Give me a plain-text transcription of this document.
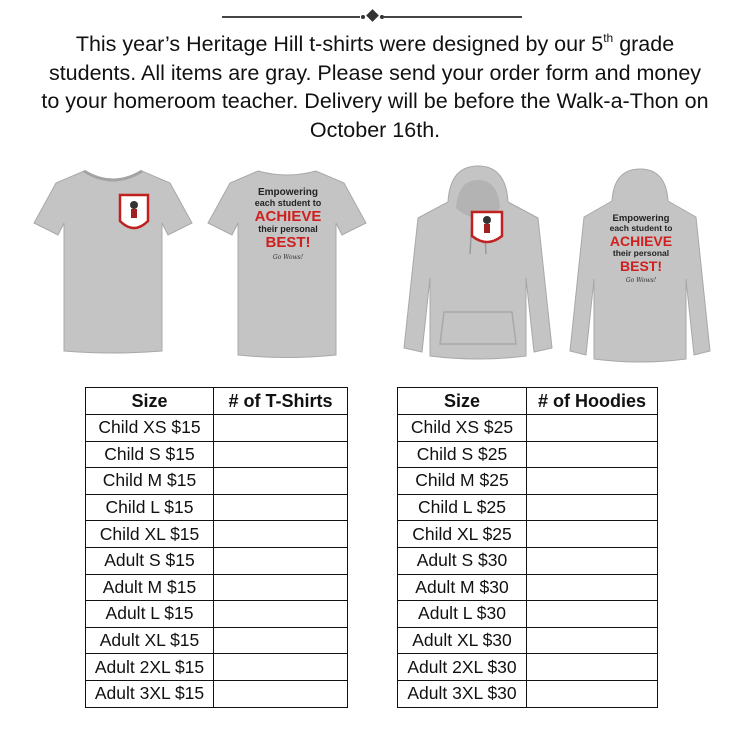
This year’s Heritage Hill t-shirts were designed by our 5th grade students. All items are gray. Please send your order form and money to your homeroom teacher. Delivery will be before the Walk-a-Thon on October 16th.

Empowering
each student to
ACHIEVE
their personal
BEST!
Go Wows!
Empowering
each student to
ACHIEVE
their personal
BEST!
Go Wows!
Size	# of T-Shirts
Child XS $15	
Child S $15	
Child M $15	
Child L $15	
Child XL $15	
Adult S $15	
Adult M $15	
Adult L $15	
Adult XL $15	
Adult 2XL $15	
Adult 3XL $15	
Size	# of Hoodies
Child XS $25	
Child S $25	
Child M $25	
Child L $25	
Child XL $25	
Adult S $30	
Adult M $30	
Adult L $30	
Adult XL $30	
Adult 2XL $30	
Adult 3XL $30	
